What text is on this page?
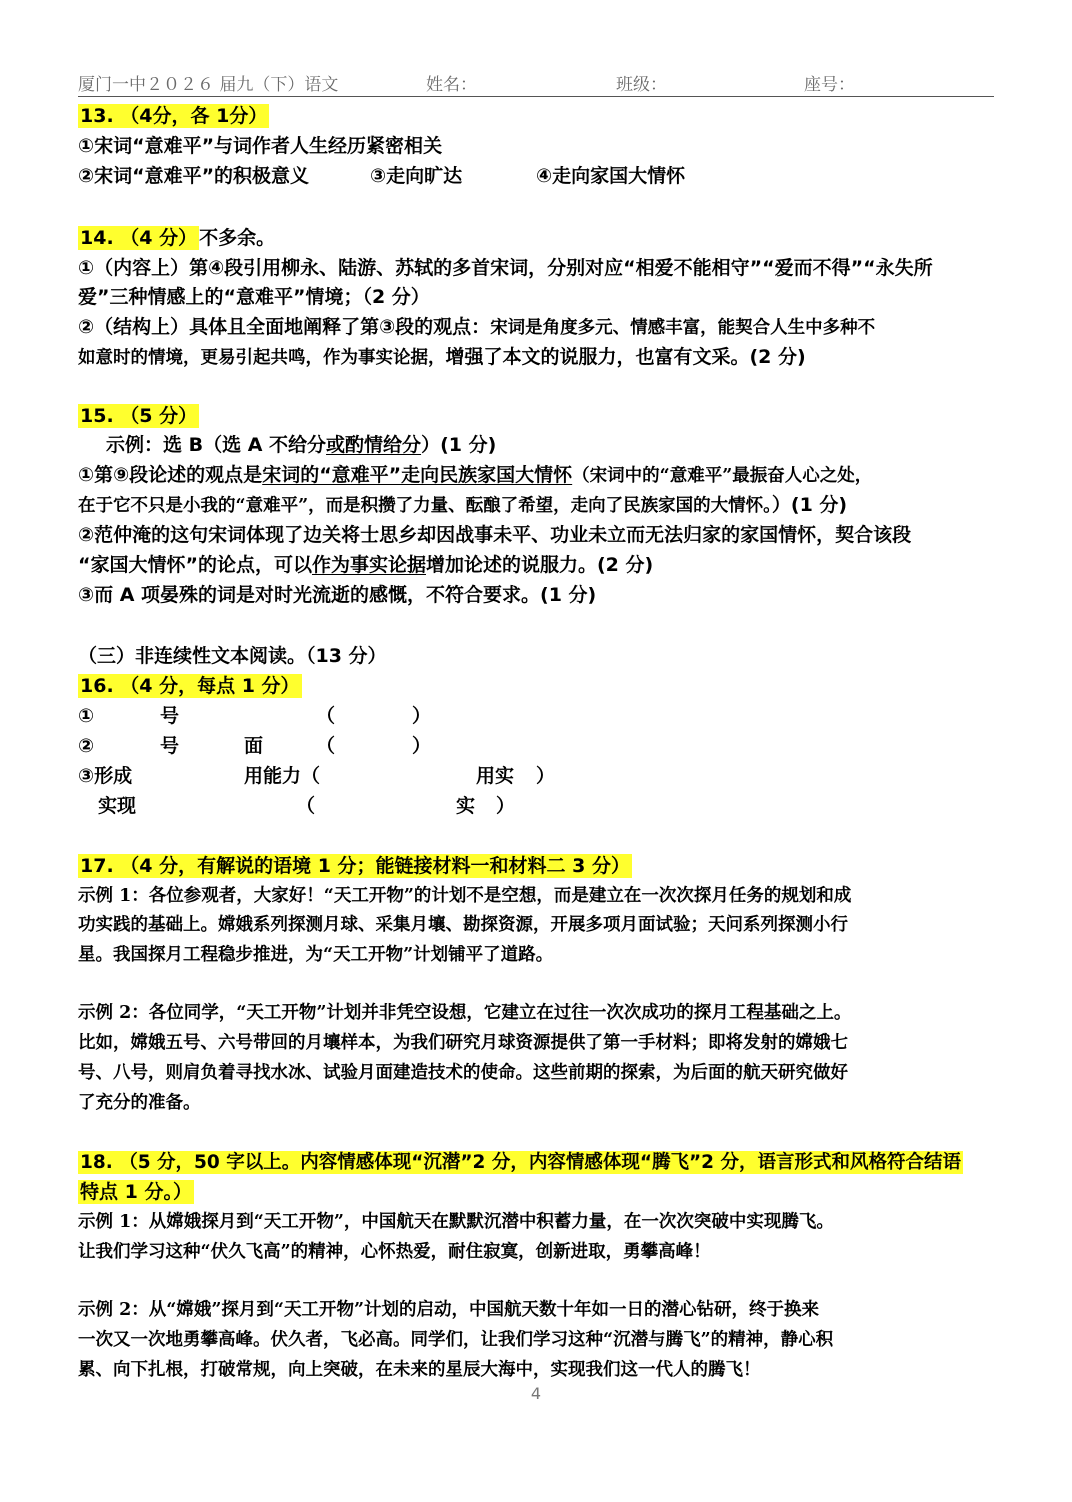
厦门一中２０２６ 届九（下）语文	姓名：	班级：	座号：
13. （4分，各 1分）
①宋词“意难平”与词作者人生经历紧密相关
②宋词“意难平”的积极意义	③走向旷达	④走向家国大情怀
14. （4 分） 不多余。
①（内容上）第④段引用柳永、陆游、苏轼的多首宋词，分别对应“相爱不能相守”“爱而不得”“永失所
爱”三种情感上的“意难平”情境；（2 分）
②（结构上）具体且全面地阐释了第③段的观点：宋词是角度多元、情感丰富，能契合人生中多种不
如意时的情境，更易引起共鸣，作为事实论据，增强了本文的说服力，也富有文采。(2 分)
15. （5 分）
示例：选 B（选 A 不给分或酌情给分）(1 分)
①第⑨段论述的观点是宋词的“意难平”走向民族家国大情怀（宋词中的“意难平”最振奋人心之处，
在于它不只是小我的“意难平”，而是积攒了力量、酝酿了希望，走向了民族家国的大情怀。）(1 分)
②范仲淹的这句宋词体现了边关将士思乡却因战事未平、功业未立而无法归家的家国情怀，契合该段
“家国大情怀”的论点，可以作为事实论据增加论述的说服力。(2 分)
③而 A 项晏殊的词是对时光流逝的感慨，不符合要求。(1 分)
（三）非连续性文本阅读。（13 分）
16. （4 分，每点 1 分）
①	号	（	）
②	号	面	（	）
③形成	用能力（	用实 ）
实现	（	实 ）
17. （4 分，有解说的语境 1 分；能链接材料一和材料二 3 分）
示例 1：各位参观者，大家好！“天工开物”的计划不是空想，而是建立在一次次探月任务的规划和成
功实践的基础上。嫦娥系列探测月球、采集月壤、勘探资源，开展多项月面试验；天问系列探测小行
星。我国探月工程稳步推进，为“天工开物”计划铺平了道路。
示例 2：各位同学，“天工开物”计划并非凭空设想，它建立在过往一次次成功的探月工程基础之上。
比如，嫦娥五号、六号带回的月壤样本，为我们研究月球资源提供了第一手材料；即将发射的嫦娥七
号、八号，则肩负着寻找水冰、试验月面建造技术的使命。这些前期的探索，为后面的航天研究做好
了充分的准备。
18. （5 分，50 字以上。内容情感体现“沉潜”2 分，内容情感体现“腾飞”2 分，语言形式和风格符合结语
特点 1 分。）
示例 1：从嫦娥探月到“天工开物”，中国航天在默默沉潜中积蓄力量，在一次次突破中实现腾飞。
让我们学习这种“伏久飞高”的精神，心怀热爱，耐住寂寞，创新进取，勇攀高峰！
示例 2：从“嫦娥”探月到“天工开物”计划的启动，中国航天数十年如一日的潜心钻研，终于换来
一次又一次地勇攀高峰。伏久者，飞必高。同学们，让我们学习这种“沉潜与腾飞”的精神，静心积
累、向下扎根，打破常规，向上突破，在未来的星辰大海中，实现我们这一代人的腾飞！
4
